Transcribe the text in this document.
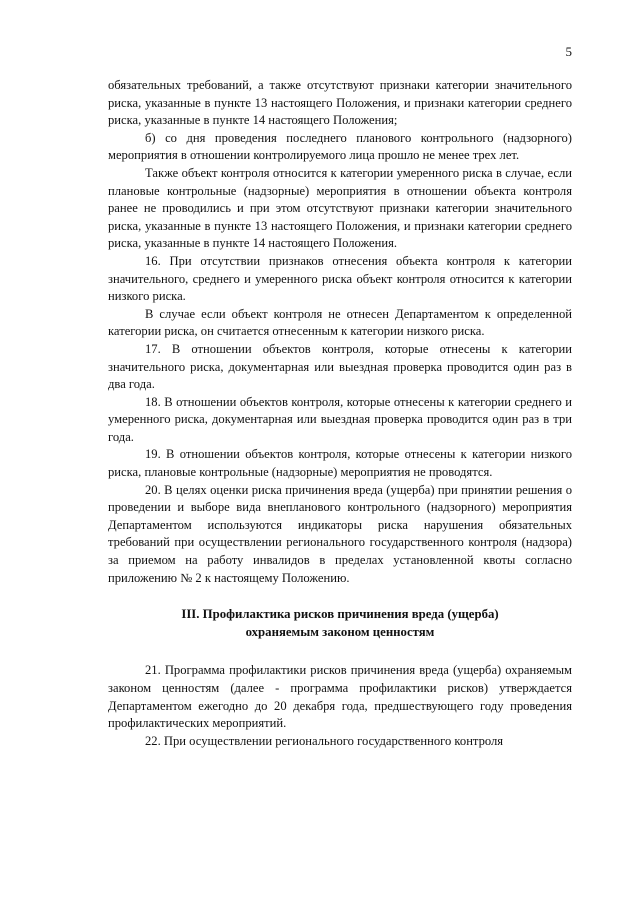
5

обязательных требований, а также отсутствуют признаки категории значительного риска, указанные в пункте 13 настоящего Положения, и признаки категории среднего риска, указанные в пункте 14 настоящего Положения;

б) со дня проведения последнего планового контрольного (надзорного) мероприятия в отношении контролируемого лица прошло не менее трех лет.

Также объект контроля относится к категории умеренного риска в случае, если плановые контрольные (надзорные) мероприятия в отношении объекта контроля ранее не проводились и при этом отсутствуют признаки категории значительного риска, указанные в пункте 13 настоящего Положения, и признаки категории среднего риска, указанные в пункте 14 настоящего Положения.

16. При отсутствии признаков отнесения объекта контроля к категории значительного, среднего и умеренного риска объект контроля относится к категории низкого риска.

В случае если объект контроля не отнесен Департаментом к определенной категории риска, он считается отнесенным к категории низкого риска.

17. В отношении объектов контроля, которые отнесены к категории значительного риска, документарная или выездная проверка проводится один раз в два года.

18. В отношении объектов контроля, которые отнесены к категории среднего и умеренного риска, документарная или выездная проверка проводится один раз в три года.

19. В отношении объектов контроля, которые отнесены к категории низкого риска, плановые контрольные (надзорные) мероприятия не проводятся.

20. В целях оценки риска причинения вреда (ущерба) при принятии решения о проведении и выборе вида внепланового контрольного (надзорного) мероприятия Департаментом используются индикаторы риска нарушения обязательных требований при осуществлении регионального государственного контроля (надзора) за приемом на работу инвалидов в пределах установленной квоты согласно приложению № 2 к настоящему Положению.

III. Профилактика рисков причинения вреда (ущерба)
охраняемым законом ценностям

21. Программа профилактики рисков причинения вреда (ущерба) охраняемым законом ценностям (далее - программа профилактики рисков) утверждается Департаментом ежегодно до 20 декабря года, предшествующего году проведения профилактических мероприятий.

22. При осуществлении регионального государственного контроля
